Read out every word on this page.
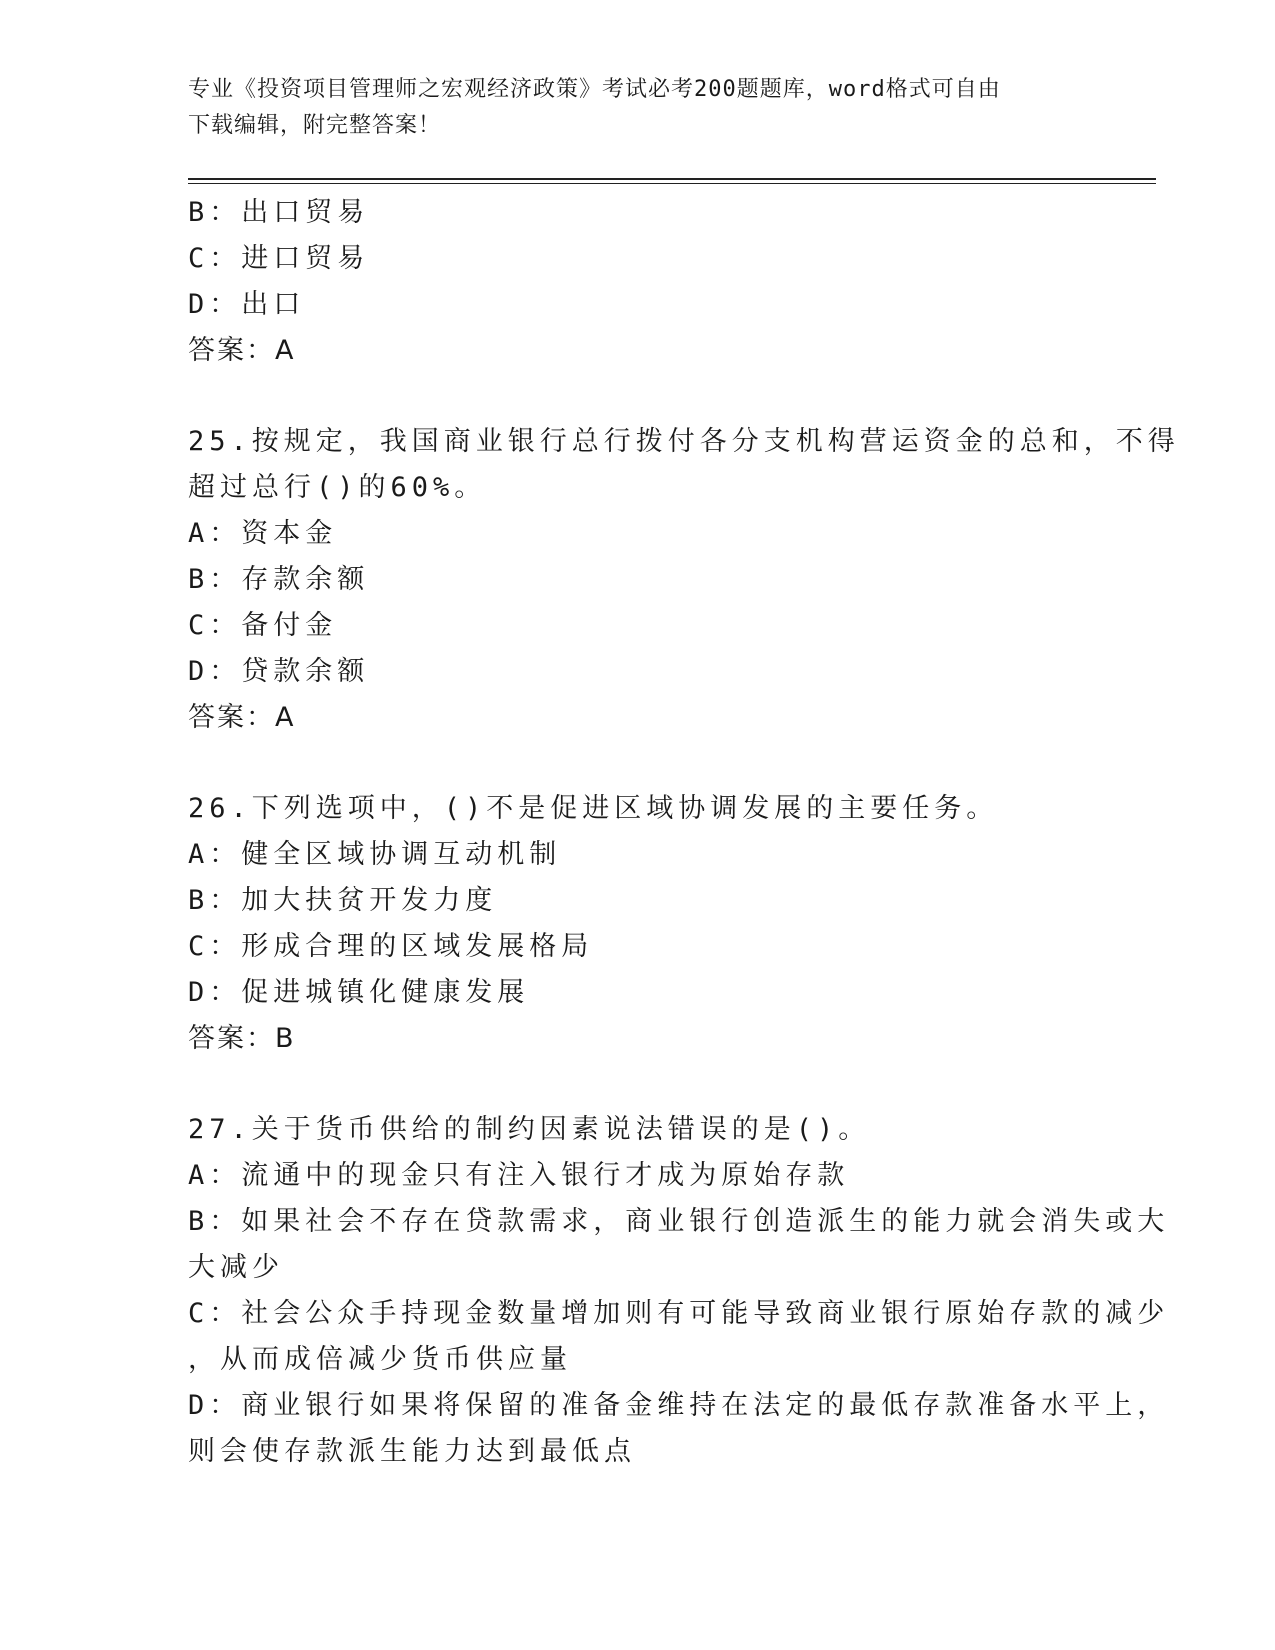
专业《投资项目管理师之宏观经济政策》考试必考200题题库，word格式可自由
下载编辑，附完整答案！
B：出口贸易
C：进口贸易
D：出口
答案：A
25.按规定，我国商业银行总行拨付各分支机构营运资金的总和，不得
超过总行()的60%。
A：资本金
B：存款余额
C：备付金
D：贷款余额
答案：A
26.下列选项中，()不是促进区域协调发展的主要任务。
A：健全区域协调互动机制
B：加大扶贫开发力度
C：形成合理的区域发展格局
D：促进城镇化健康发展
答案：B
27.关于货币供给的制约因素说法错误的是()。
A：流通中的现金只有注入银行才成为原始存款
B：如果社会不存在贷款需求，商业银行创造派生的能力就会消失或大
大减少
C：社会公众手持现金数量增加则有可能导致商业银行原始存款的减少
，从而成倍减少货币供应量
D：商业银行如果将保留的准备金维持在法定的最低存款准备水平上，
则会使存款派生能力达到最低点
